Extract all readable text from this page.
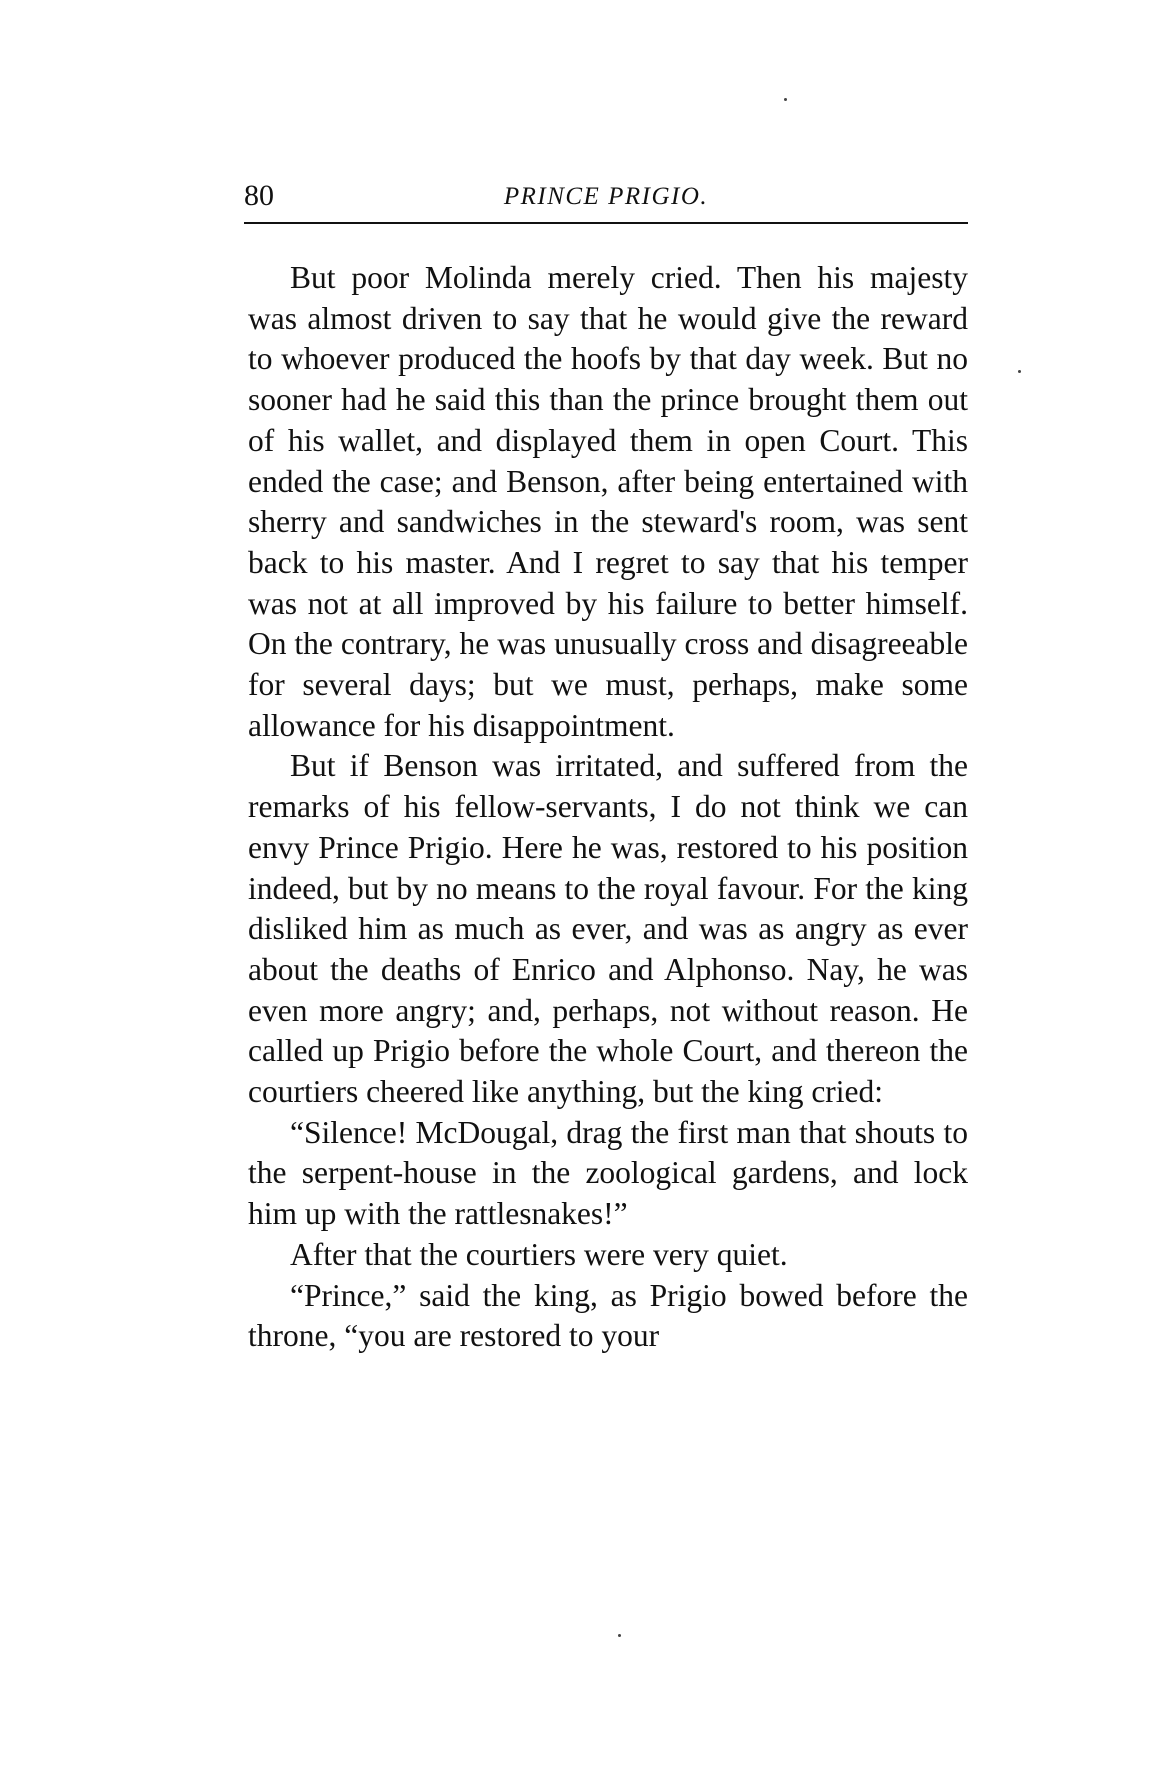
80	PRINCE PRIGIO.

But poor Molinda merely cried. Then his majesty was almost driven to say that he would give the reward to whoever produced the hoofs by that day week. But no sooner had he said this than the prince brought them out of his wallet, and displayed them in open Court. This ended the case; and Benson, after being entertained with sherry and sandwiches in the steward's room, was sent back to his master. And I regret to say that his temper was not at all improved by his failure to better himself. On the contrary, he was unusually cross and disagreeable for several days; but we must, perhaps, make some allowance for his disappointment.

But if Benson was irritated, and suffered from the remarks of his fellow-servants, I do not think we can envy Prince Prigio. Here he was, restored to his position indeed, but by no means to the royal favour. For the king disliked him as much as ever, and was as angry as ever about the deaths of Enrico and Alphonso. Nay, he was even more angry; and, perhaps, not without reason. He called up Prigio before the whole Court, and thereon the courtiers cheered like anything, but the king cried:

“Silence! McDougal, drag the first man that shouts to the serpent-house in the zoological gardens, and lock him up with the rattlesnakes!”

After that the courtiers were very quiet.

“Prince,” said the king, as Prigio bowed before the throne, “you are restored to your
